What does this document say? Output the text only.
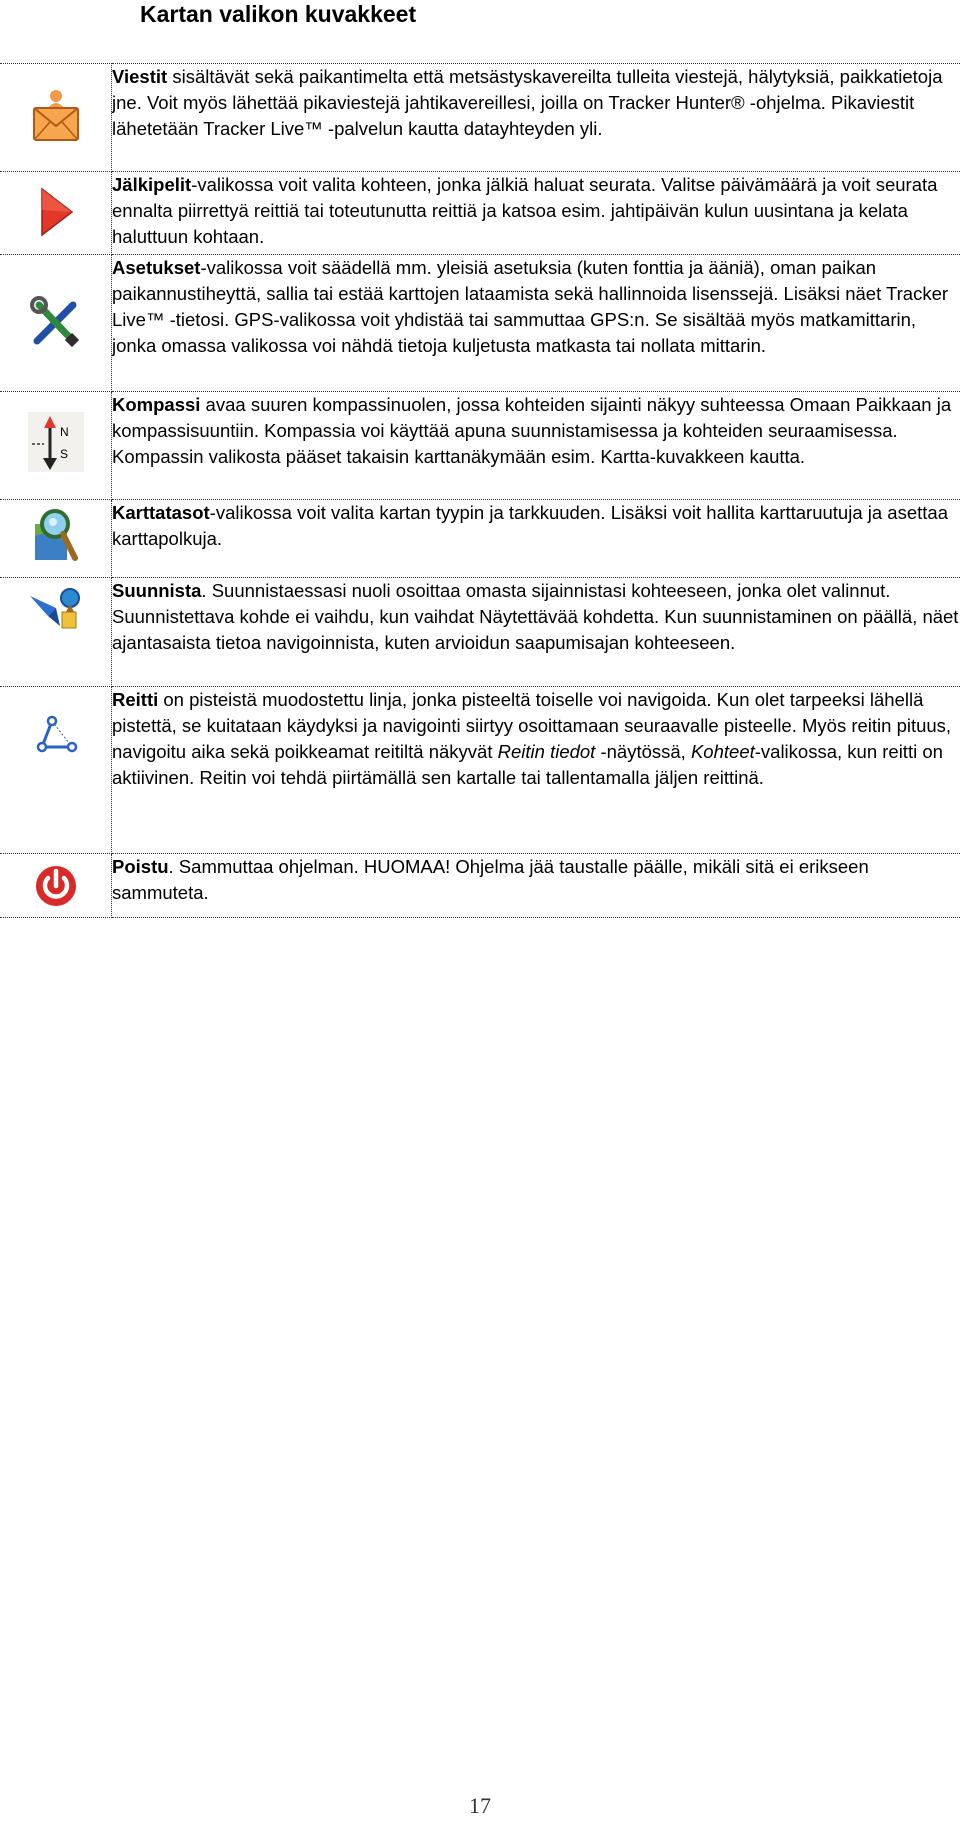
Kartan valikon kuvakkeet
	Viestit sisältävät sekä paikantimelta että metsästyskavereilta tulleita viestejä, hälytyksiä, paikkatietoja jne. Voit myös lähettää pikaviestejä jahtikavereillesi, joilla on Tracker Hunter® -ohjelma. Pikaviestit lähetetään Tracker Live™ -palvelun kautta datayhteyden yli.

	Jälkipelit-valikossa voit valita kohteen, jonka jälkiä haluat seurata. Valitse päivämäärä ja voit seurata ennalta piirrettyä reittiä tai toteutunutta reittiä ja katsoa esim. jahtipäivän kulun uusintana ja kelata haluttuun kohtaan.

	Asetukset-valikossa voit säädellä mm. yleisiä asetuksia (kuten fonttia ja ääniä), oman paikan paikannustiheyttä, sallia tai estää karttojen lataamista sekä hallinnoida lisenssejä. Lisäksi näet Tracker Live™ -tietosi. GPS-valikossa voit yhdistää tai sammuttaa GPS:n. Se sisältää myös matkamittarin, jonka omassa valikossa voi nähdä tietoja kuljetusta matkasta tai nollata mittarin.

N
S	Kompassi avaa suuren kompassinuolen, jossa kohteiden sijainti näkyy suhteessa Omaan Paikkaan ja kompassisuuntiin. Kompassia voi käyttää apuna suunnistamisessa ja kohteiden seuraamisessa. Kompassin valikosta pääset takaisin karttanäkymään esim. Kartta-kuvakkeen kautta.

	Karttatasot-valikossa voit valita kartan tyypin ja tarkkuuden. Lisäksi voit hallita karttaruutuja ja asettaa karttapolkuja.

	Suunnista. Suunnistaessasi nuoli osoittaa omasta sijainnistasi kohteeseen, jonka olet valinnut. Suunnistettava kohde ei vaihdu, kun vaihdat Näytettävää kohdetta. Kun suunnistaminen on päällä, näet ajantasaista tietoa navigoinnista, kuten arvioidun saapumisajan kohteeseen.

	Reitti on pisteistä muodostettu linja, jonka pisteeltä toiselle voi navigoida. Kun olet tarpeeksi lähellä pistettä, se kuitataan käydyksi ja navigointi siirtyy osoittamaan seuraavalle pisteelle. Myös reitin pituus, navigoitu aika sekä poikkeamat reitiltä näkyvät Reitin tiedot -näytössä, Kohteet-valikossa, kun reitti on aktiivinen. Reitin voi tehdä piirtämällä sen kartalle tai tallentamalla jäljen reittinä.

	Poistu. Sammuttaa ohjelman. HUOMAA! Ohjelma jää taustalle päälle, mikäli sitä ei erikseen sammuteta.
17
